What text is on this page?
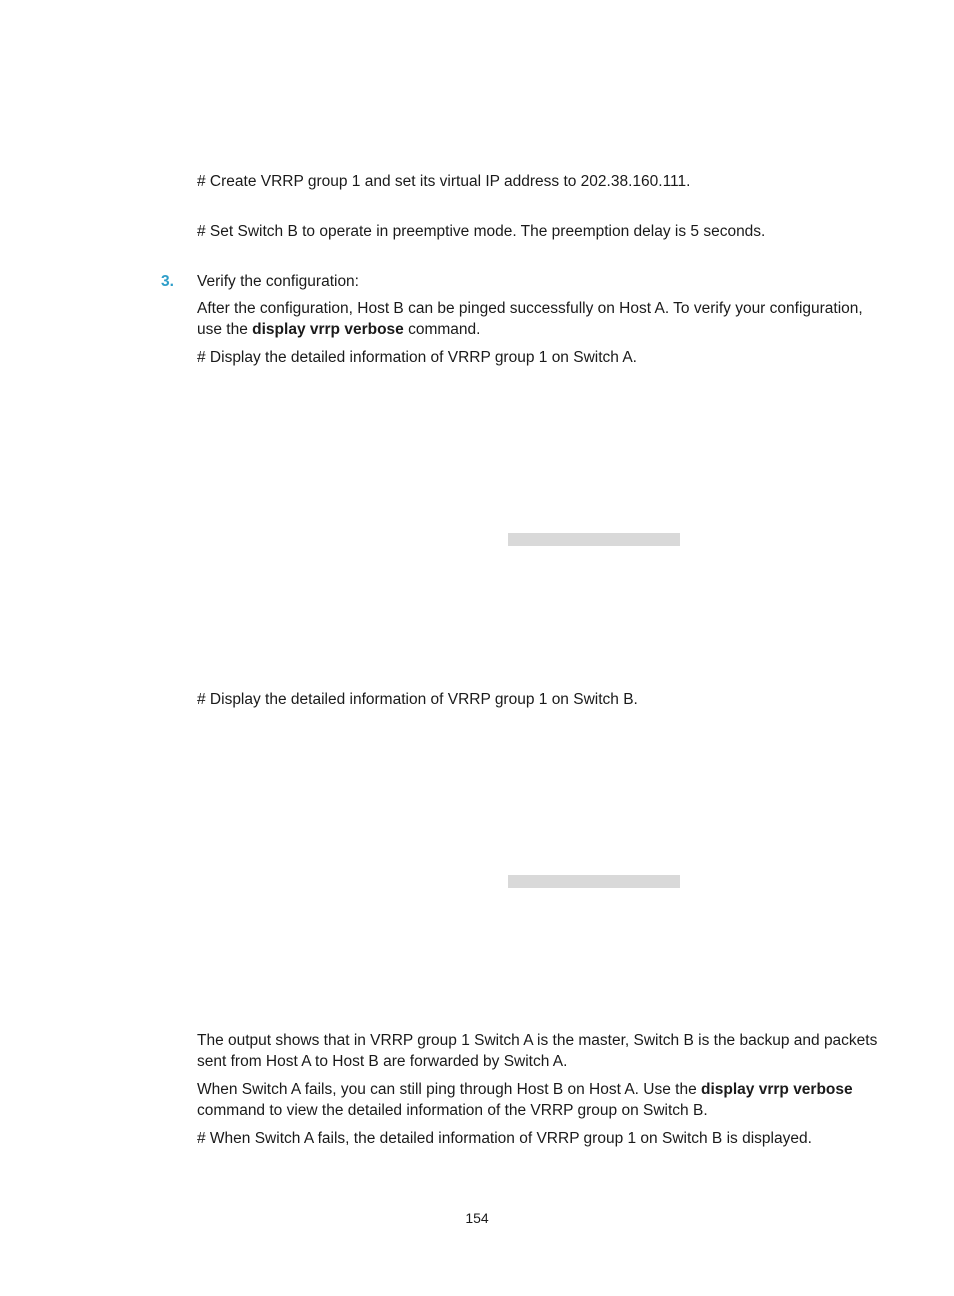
# Create VRRP group 1 and set its virtual IP address to 202.38.160.111.

# Set Switch B to operate in preemptive mode. The preemption delay is 5 seconds.

3. Verify the configuration:

After the configuration, Host B can be pinged successfully on Host A. To verify your configuration,
use the display vrrp verbose command.

# Display the detailed information of VRRP group 1 on Switch A.

# Display the detailed information of VRRP group 1 on Switch B.

The output shows that in VRRP group 1 Switch A is the master, Switch B is the backup and packets
sent from Host A to Host B are forwarded by Switch A.

When Switch A fails, you can still ping through Host B on Host A. Use the display vrrp verbose
command to view the detailed information of the VRRP group on Switch B.

# When Switch A fails, the detailed information of VRRP group 1 on Switch B is displayed.

154
